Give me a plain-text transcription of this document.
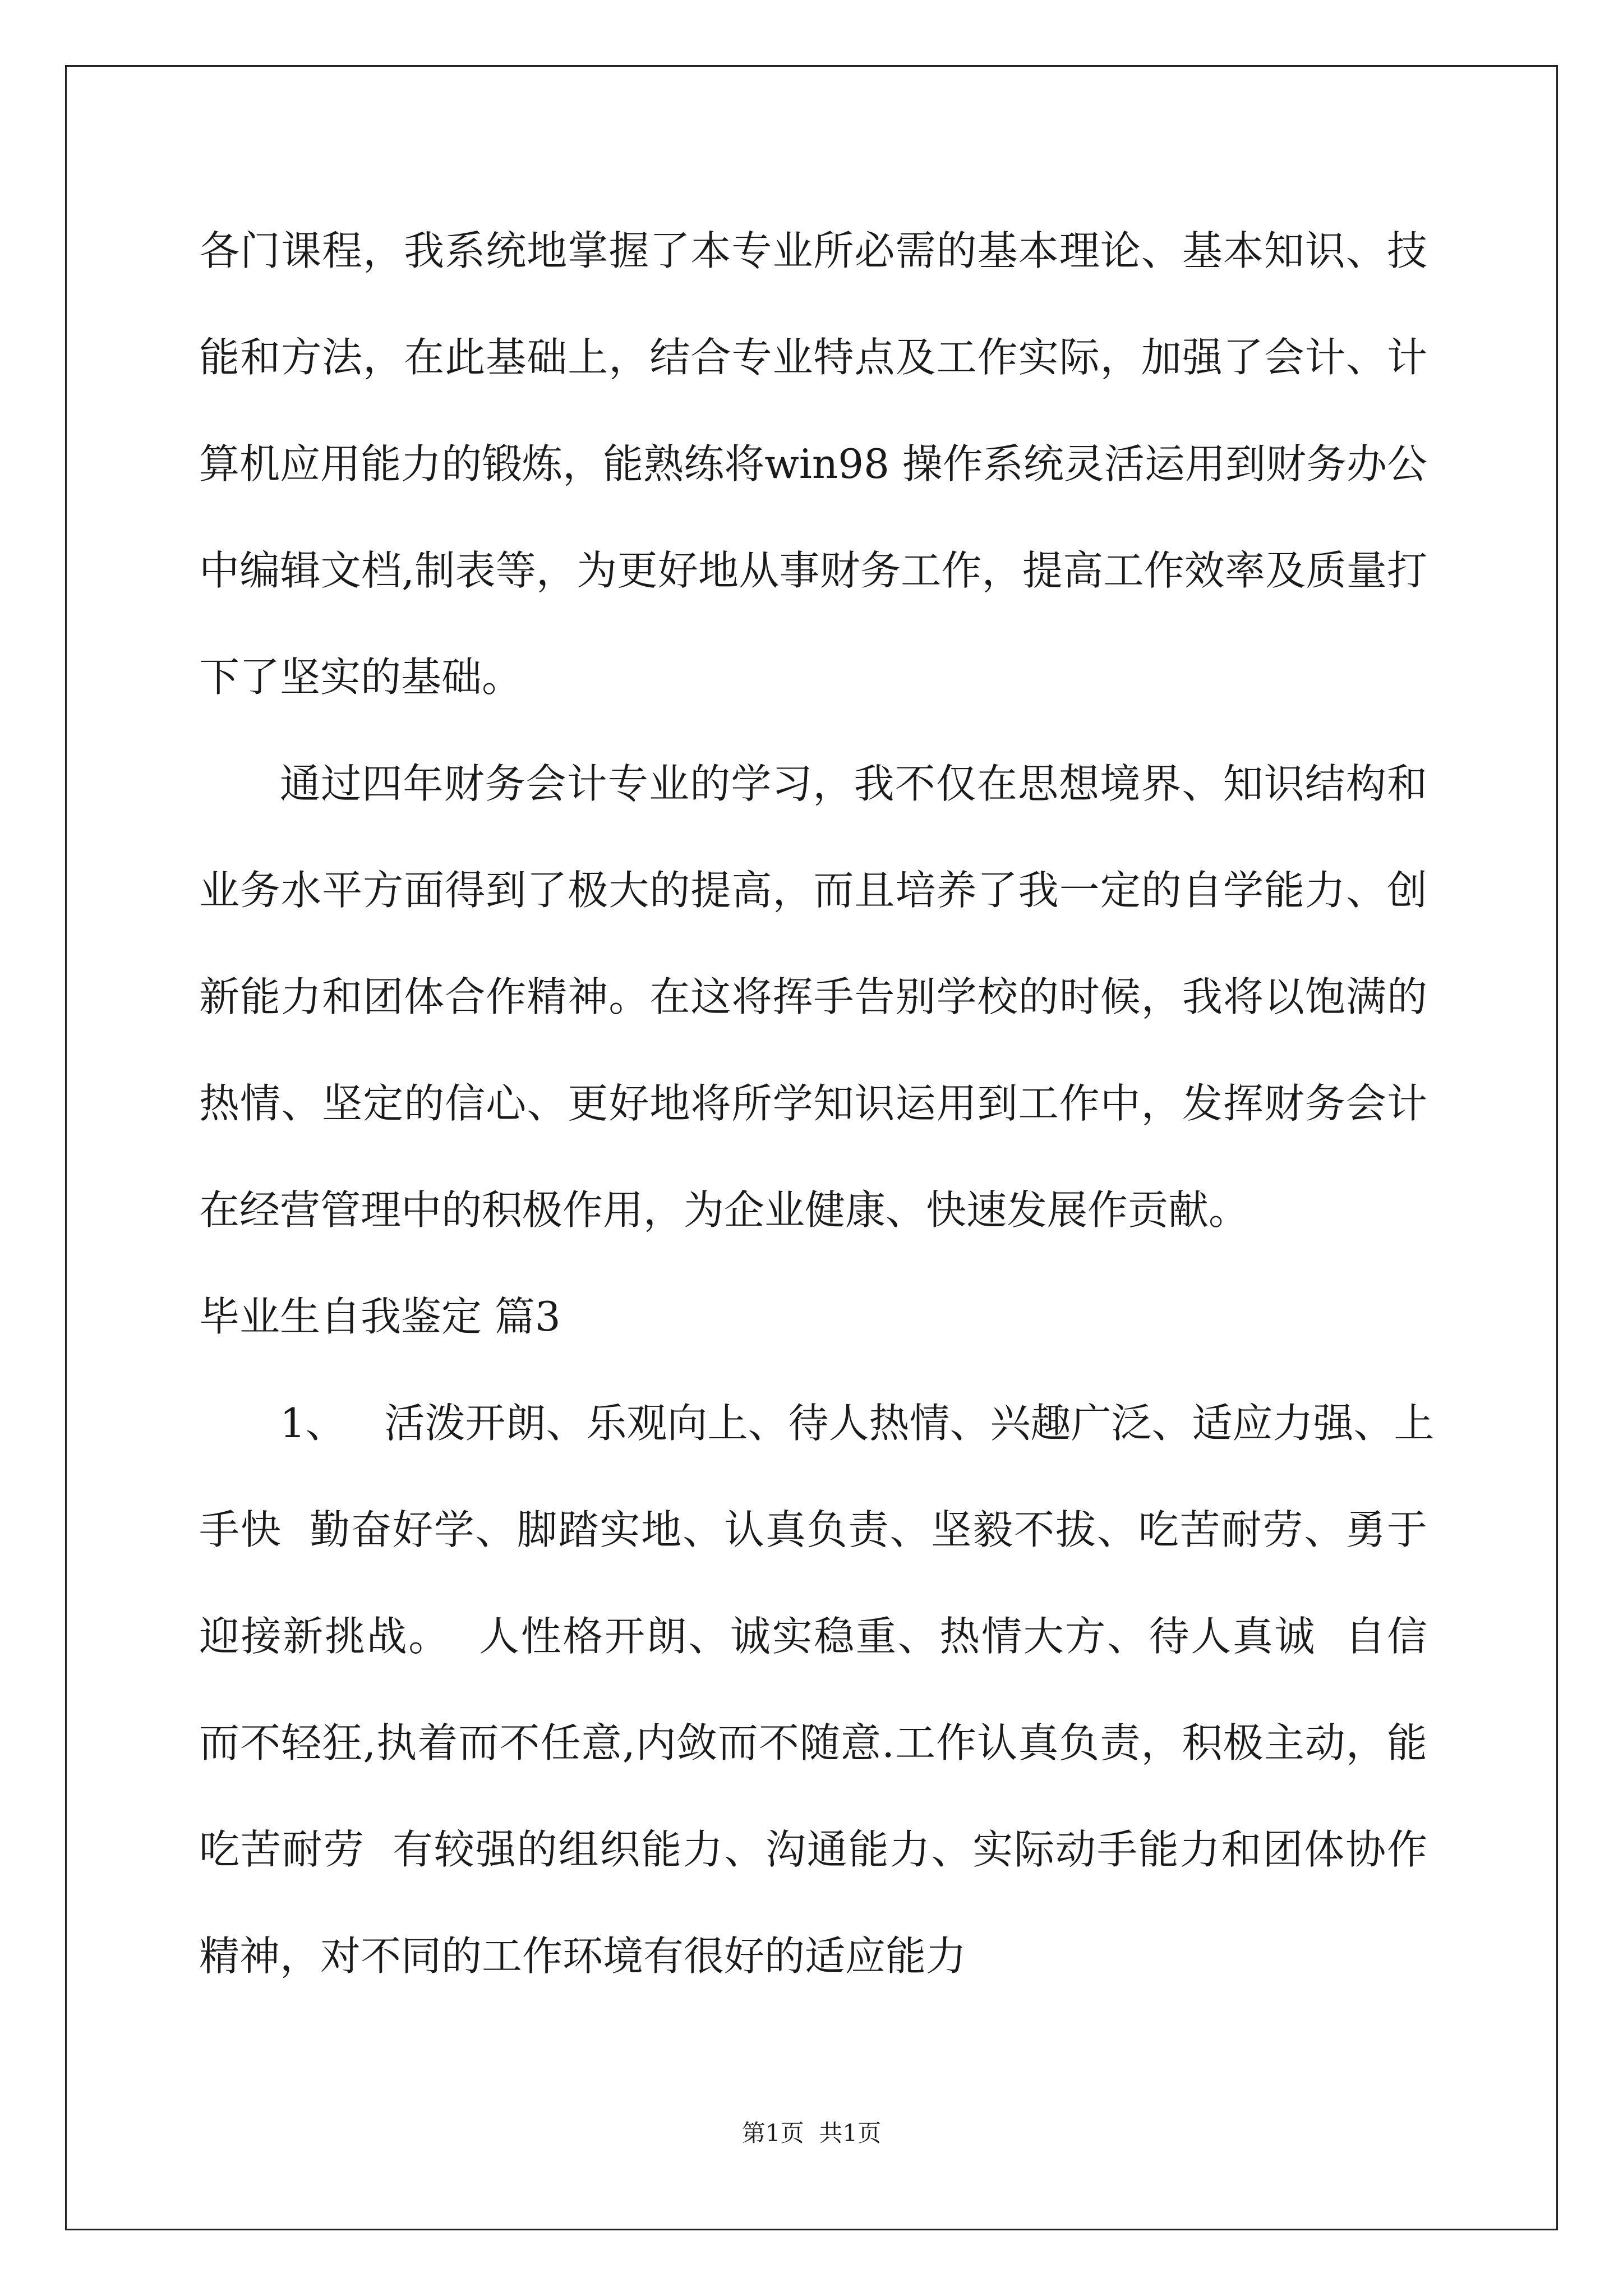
各门课程，我系统地掌握了本专业所必需的基本理论、基本知识、技
能和方法，在此基础上，结合专业特点及工作实际，加强了会计、计
算机应用能力的锻炼，能熟练将win98 操作系统灵活运用到财务办公
中编辑文档,制表等，为更好地从事财务工作，提高工作效率及质量打
下了坚实的基础。
通过四年财务会计专业的学习，我不仅在思想境界、知识结构和
业务水平方面得到了极大的提高，而且培养了我一定的自学能力、创
新能力和团体合作精神。在这将挥手告别学校的时候，我将以饱满的
热情、坚定的信心、更好地将所学知识运用到工作中，发挥财务会计
在经营管理中的积极作用，为企业健康、快速发展作贡献。
毕业生自我鉴定 篇3
1、   活泼开朗、乐观向上、待人热情、兴趣广泛、适应力强、上
手快  勤奋好学、脚踏实地、认真负责、坚毅不拔、吃苦耐劳、勇于
迎接新挑战。  人性格开朗、诚实稳重、热情大方、待人真诚  自信
而不轻狂,执着而不任意,内敛而不随意.工作认真负责，积极主动，能
吃苦耐劳  有较强的组织能力、沟通能力、实际动手能力和团体协作
精神，对不同的工作环境有很好的适应能力
第1页  共1页
